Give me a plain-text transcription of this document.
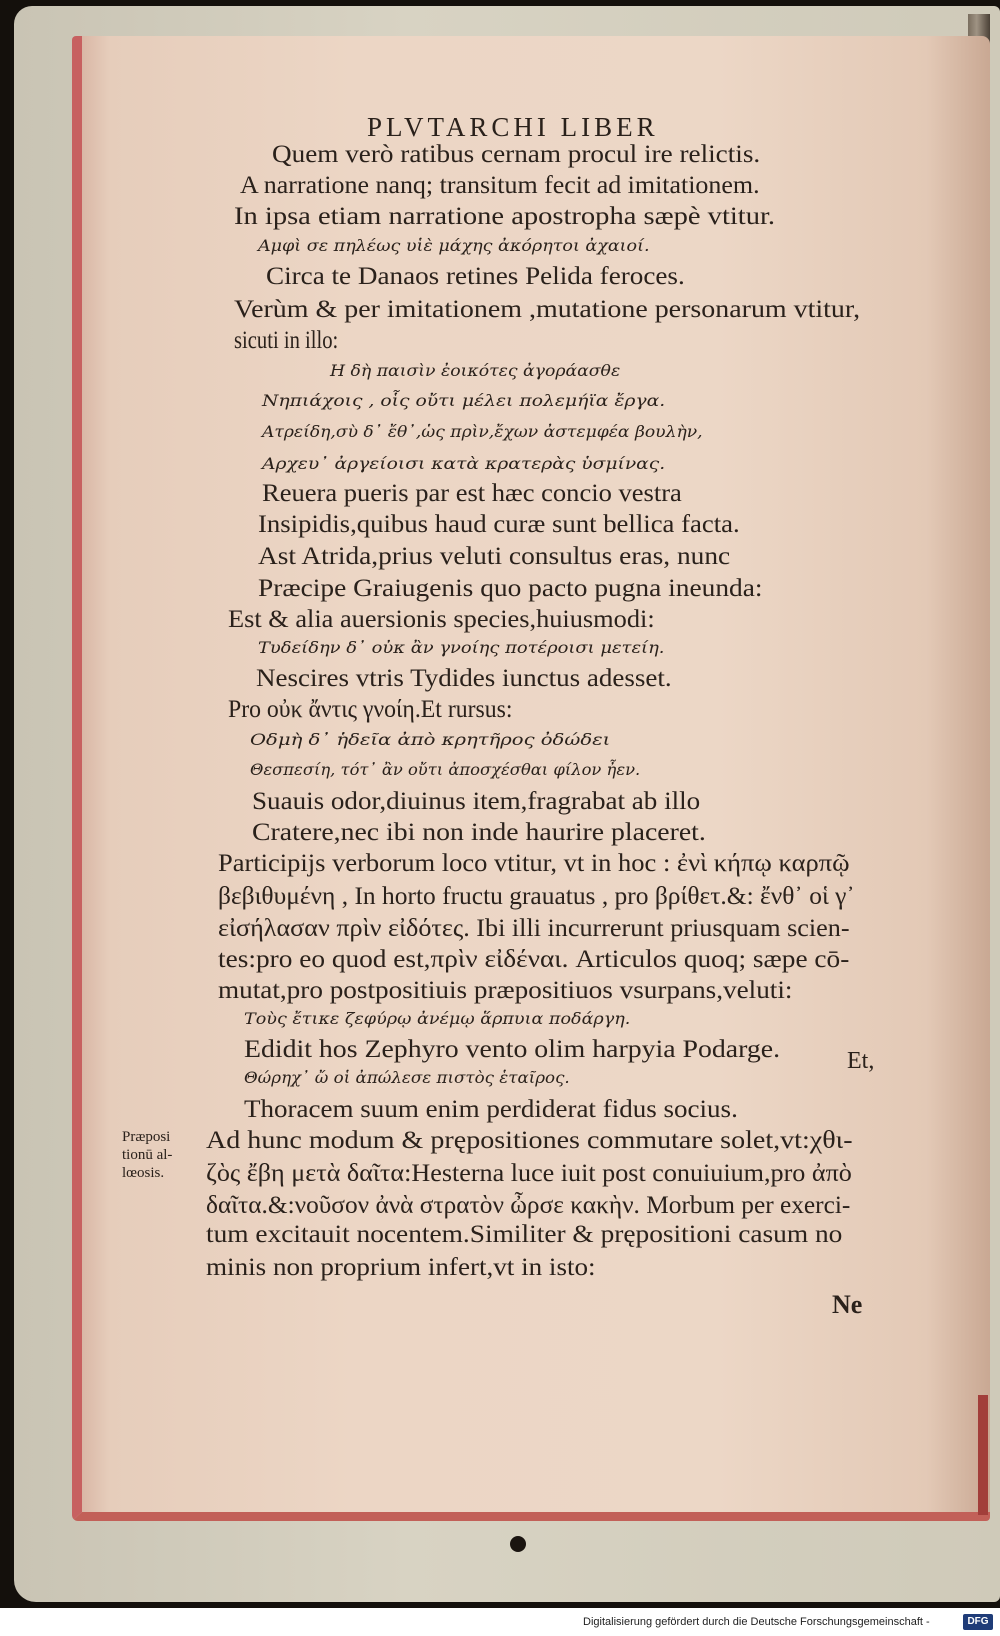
PLVTARCHI LIBER
Quem verò ratibus cernam procul ire relictis.
A narratione nanq; transitum fecit ad imitationem.
In ipsa etiam narratione apostropha sæpè vtitur.
Αμφὶ σε πηλέως υἱὲ μάχης ἀκόρητοι ἀχαιοί.
Circa te Danaos retines Pelida feroces.
Verùm & per imitationem ,mutatione personarum vtitur,
sicuti in illo:
Η δὴ παισὶν ἐοικότες ἀγοράασθε
Νηπιάχοις , οἷς οὔτι μέλει πολεμήϊα ἔργα.
Ατρείδη,σὺ δ᾽ ἔθ᾽,ὡς πρὶν,ἔχων ἀστεμφέα βουλὴν,
Αρχευ᾽ ἀργείοισι κατὰ κρατερὰς ὑσμίνας.
Reuera pueris par est hæc concio vestra
Insipidis,quibus haud curæ sunt bellica facta.
Ast Atrida,prius veluti consultus eras, nunc
Præcipe Graiugenis quo pacto pugna ineunda:
Est & alia auersionis species,huiusmodi:
Τυδείδην δ᾽ οὐκ ἂν γνοίης ποτέροισι μετείη.
Nescires vtris Tydides iunctus adesset.
Pro οὐκ ἄντις γνοίη.Et rursus:
Οδμὴ δ᾽ ἡδεῖα ἀπὸ κρητῆρος ὀδώδει
Θεσπεσίη, τότ᾽ ἂν οὔτι ἀποσχέσθαι φίλον ἦεν.
Suauis odor,diuinus item,fragrabat ab illo
Cratere,nec ibi non inde haurire placeret.
Participijs verborum loco vtitur, vt in hoc : ἐνὶ κήπῳ καρπῷ
βεβιθυμένη , In horto fructu grauatus , pro βρίθετ.&: ἔνθ᾽ οἱ γ᾽
εἰσήλασαν πρὶν εἰδότες. Ibi illi incurrerunt priusquam scien-
tes:pro eo quod est,πρὶν εἰδέναι. Articulos quoq; sæpe cō-
mutat,pro postpositiuis præpositiuos vsurpans,veluti:
Τοὺς ἔτικε ζεφύρῳ ἀνέμῳ ἅρπυια ποδάργη.
Edidit hos Zephyro vento olim harpyia Podarge.
Θώρηχ᾽ ὤ οἱ ἀπώλεσε πιστὸς ἑταῖρος.
Thoracem suum enim perdiderat fidus socius.
Ad hunc modum & prępositiones commutare solet,vt:χθι-
ζὸς ἔβη μετὰ δαῖτα:Hesterna luce iuit post conuiuium,pro ἀπὸ
δαῖτα.&:νοῦσον ἀνὰ στρατὸν ὦρσε κακὴν. Morbum per exerci-
tum excitauit nocentem.Similiter & prępositioni casum no
minis non proprium infert,vt in isto:
Et,
Præposi
tionū al-
lœosis.
Ne
Digitalisierung gefördert durch die Deutsche Forschungsgemeinschaft -	DFG
